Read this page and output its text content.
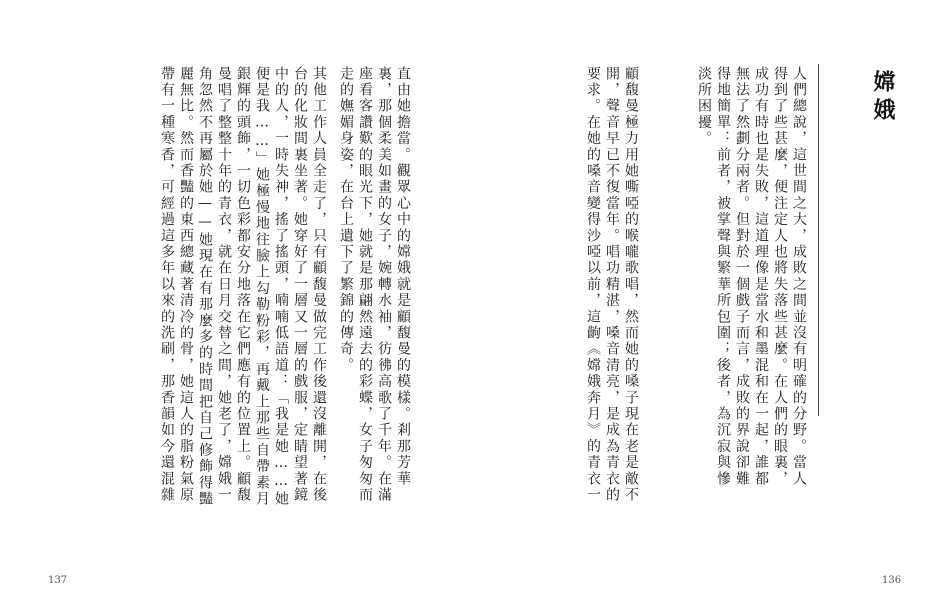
直由她擔當。觀眾心中的嫦娥就是顧馥曼的模樣。剎那芳華
裏，那個柔美如畫的女子，婉轉水袖，彷彿高歌了千年。在滿
座看客讚歎的眼光下，她就是那翩然遠去的彩蝶，女子匆匆而
走的嫵媚身姿，在台上遺下了繁錦的傳奇。
其他工作人員全走了，只有顧馥曼做完工作後還沒離開，在後
台的化妝間裏坐著。她穿好了一層又一層的戲服，定睛望著鏡
中的人，一時失神，搖了搖頭，喃喃低語道：「我是她……她
便是我……」她極慢地往臉上勾勒粉彩，再戴上那些自帶素月
銀輝的頭飾，一切色彩都安分地落在它們應有的位置上。顧馥
曼唱了整整十年的青衣，就在日月交替之間，她老了，嫦娥一
角忽然不再屬於她——她現在有那麼多的時間把自己修飾得豔
麗無比。然而香豔的東西總藏著清冷的骨，她這人的脂粉氣原
帶有一種寒香，可經過這多年以來的洗刷，那香韻如今還混雜
137
嫦娥
人們總說，這世間之大，成敗之間並沒有明確的分野。當人
得到了些甚麼，便注定人也將失落些甚麼。在人們的眼裏，
成功有時也是失敗，這道理像是當水和墨混和在一起，誰都
無法了然劃分兩者。但對於一個戲子而言，成敗的界說卻難
得地簡單：前者，被掌聲與繁華所包圍；後者，為沉寂與慘
淡所困擾。
顧馥曼極力用她嘶啞的喉嚨歌唱，然而她的嗓子現在老是敵不
開，聲音早已不復當年。唱功精湛，嗓音清亮，是成為青衣的
要求。在她的嗓音變得沙啞以前，這齣《嫦娥奔月》的青衣一
136
